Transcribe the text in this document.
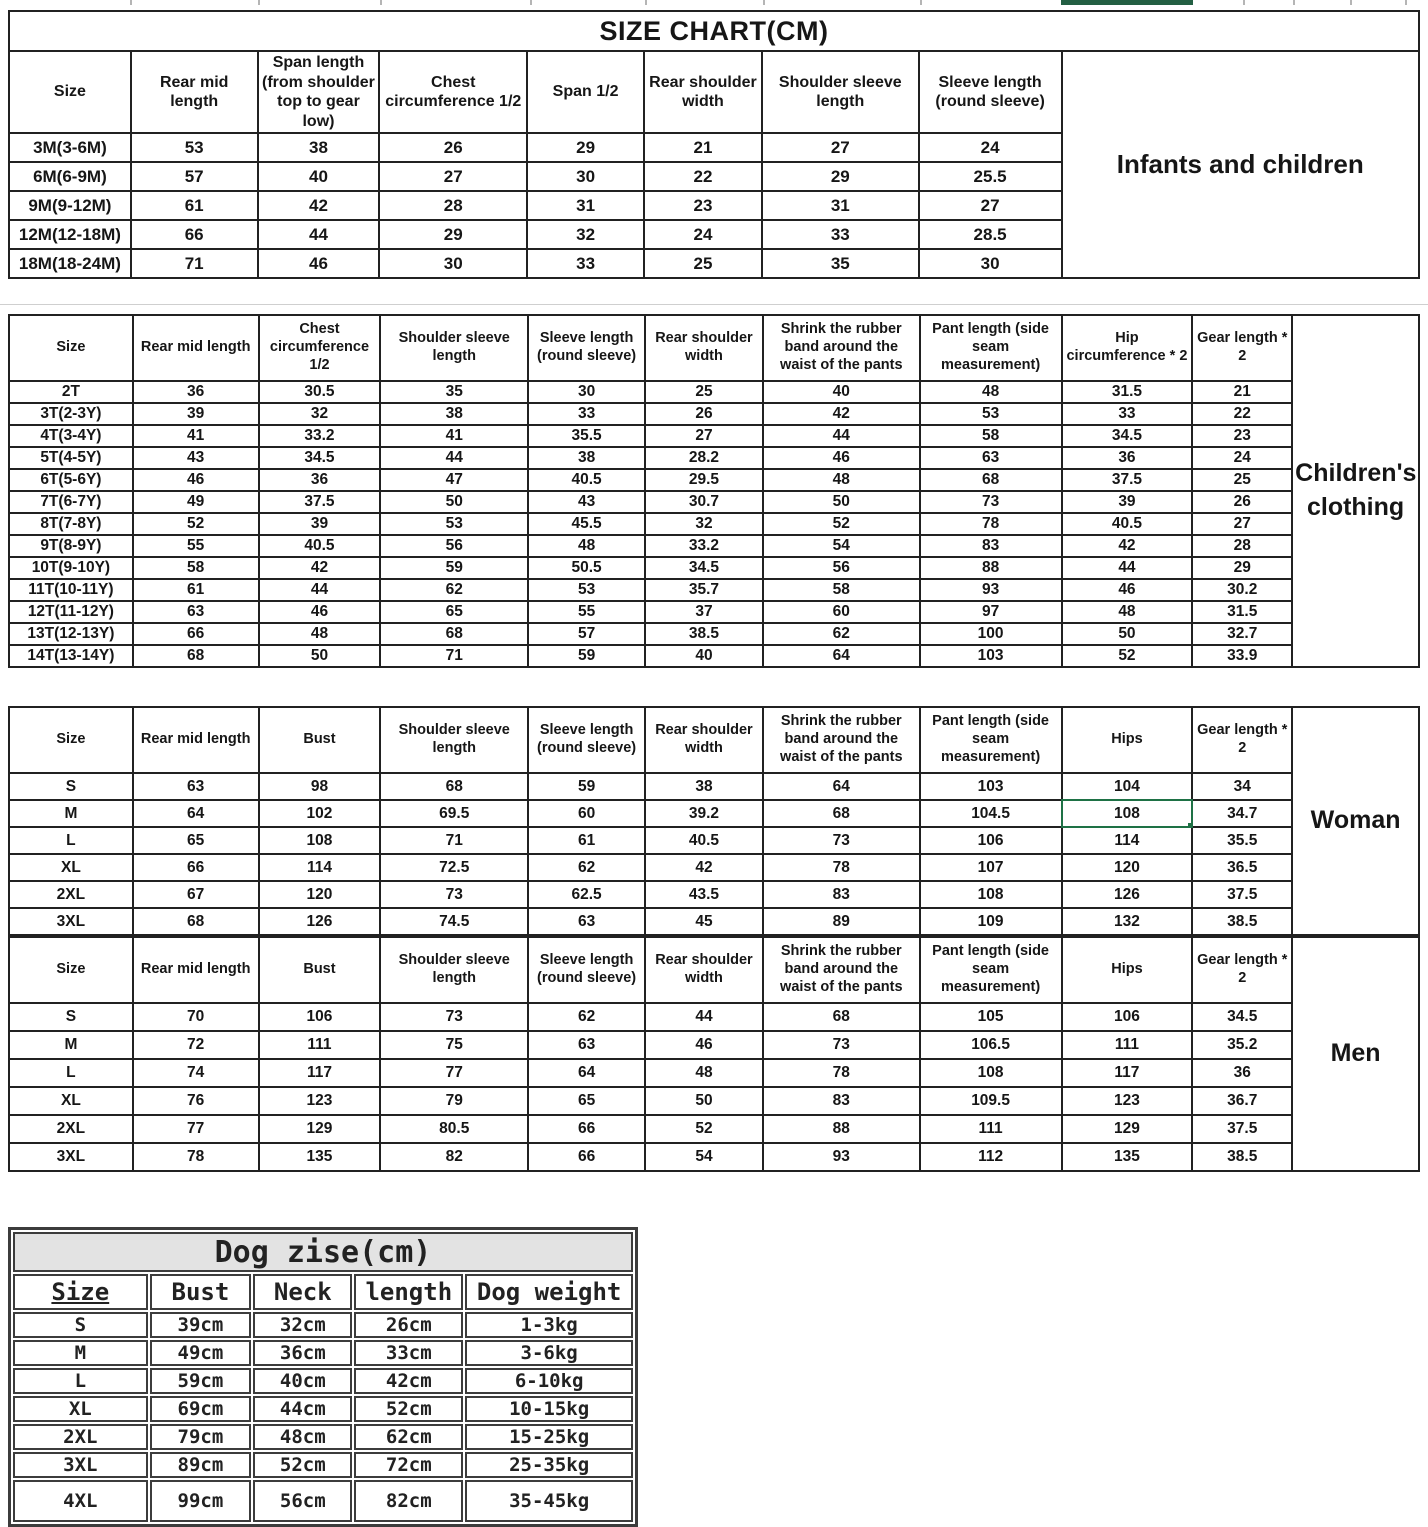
SIZE CHART(CM)								
Size	Rear mid length	Span length (from shoulder top to gear low)	Chest circumference 1/2	Span 1/2	Rear shoulder width	Shoulder sleeve length	Sleeve length (round sleeve)	Infants and children
3M(3-6M)	53	38	26	29	21	27	24	
6M(6-9M)	57	40	27	30	22	29	25.5	
9M(9-12M)	61	42	28	31	23	31	27	
12M(12-18M)	66	44	29	32	24	33	28.5	
18M(18-24M)	71	46	30	33	25	35	30	
Size	Rear mid length	Chest circumference 1/2	Shoulder sleeve length	Sleeve length (round sleeve)	Rear shoulder width	Shrink the rubber band around the waist of the pants	Pant length (side seam measurement)	Hip circumference * 2	Gear length * 2	Children's clothing
2T	36	30.5	35	30	25	40	48	31.5	21	
3T(2-3Y)	39	32	38	33	26	42	53	33	22	
4T(3-4Y)	41	33.2	41	35.5	27	44	58	34.5	23	
5T(4-5Y)	43	34.5	44	38	28.2	46	63	36	24	
6T(5-6Y)	46	36	47	40.5	29.5	48	68	37.5	25	
7T(6-7Y)	49	37.5	50	43	30.7	50	73	39	26	
8T(7-8Y)	52	39	53	45.5	32	52	78	40.5	27	
9T(8-9Y)	55	40.5	56	48	33.2	54	83	42	28	
10T(9-10Y)	58	42	59	50.5	34.5	56	88	44	29	
11T(10-11Y)	61	44	62	53	35.7	58	93	46	30.2	
12T(11-12Y)	63	46	65	55	37	60	97	48	31.5	
13T(12-13Y)	66	48	68	57	38.5	62	100	50	32.7	
14T(13-14Y)	68	50	71	59	40	64	103	52	33.9	
Size	Rear mid length	Bust	Shoulder sleeve length	Sleeve length (round sleeve)	Rear shoulder width	Shrink the rubber band around the waist of the pants	Pant length (side seam measurement)	Hips	Gear length * 2	Woman
S	63	98	68	59	38	64	103	104	34	
M	64	102	69.5	60	39.2	68	104.5	108	34.7	
L	65	108	71	61	40.5	73	106	114	35.5	
XL	66	114	72.5	62	42	78	107	120	36.5	
2XL	67	120	73	62.5	43.5	83	108	126	37.5	
3XL	68	126	74.5	63	45	89	109	132	38.5	
Size	Rear mid length	Bust	Shoulder sleeve length	Sleeve length (round sleeve)	Rear shoulder width	Shrink the rubber band around the waist of the pants	Pant length (side seam measurement)	Hips	Gear length * 2	Men
S	70	106	73	62	44	68	105	106	34.5	
M	72	111	75	63	46	73	106.5	111	35.2	
L	74	117	77	64	48	78	108	117	36	
XL	76	123	79	65	50	83	109.5	123	36.7	
2XL	77	129	80.5	66	52	88	111	129	37.5	
3XL	78	135	82	66	54	93	112	135	38.5	
Dog zise(cm)				
Size	Bust	Neck	length	Dog weight
S	39cm	32cm	26cm	1-3kg
M	49cm	36cm	33cm	3-6kg
L	59cm	40cm	42cm	6-10kg
XL	69cm	44cm	52cm	10-15kg
2XL	79cm	48cm	62cm	15-25kg
3XL	89cm	52cm	72cm	25-35kg
4XL	99cm	56cm	82cm	35-45kg
